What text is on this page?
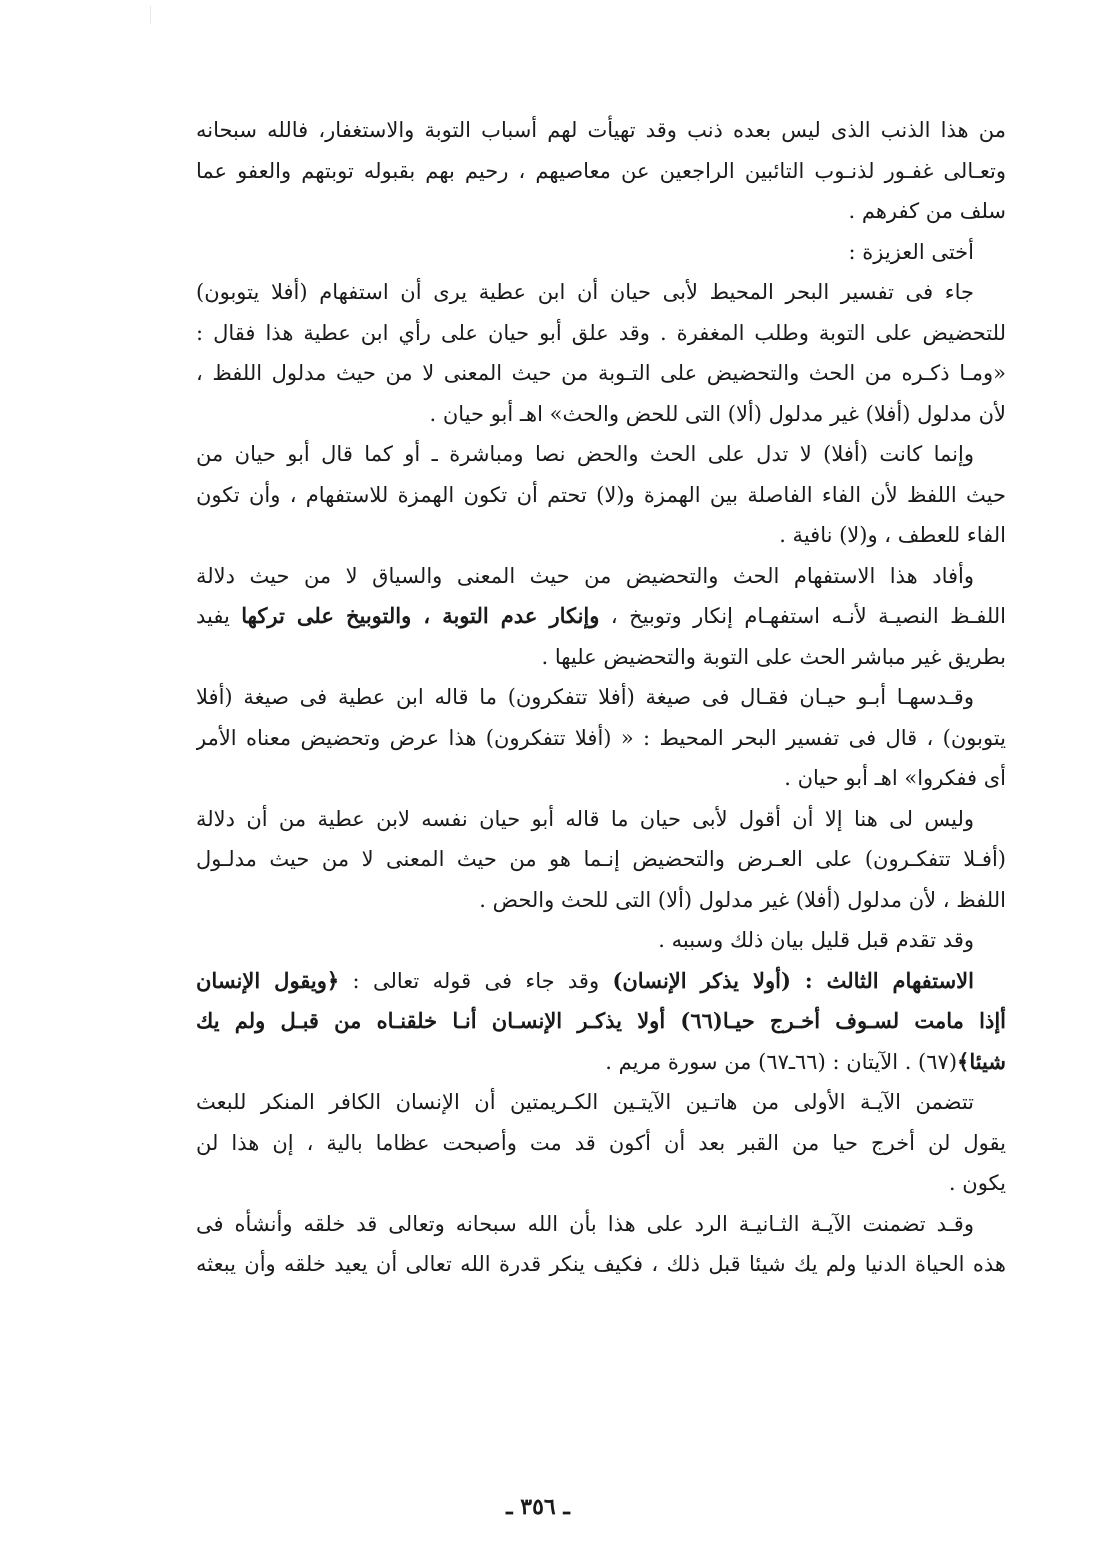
من هذا الذنب الذى ليس بعده ذنب وقد تهيأت لهم أسباب التوبة والاستغفار، فالله سبحانه
وتعـالى غفـور لذنـوب التائبين الراجعين عن معاصيهم ، رحيم بهم بقبوله توبتهم والعفو عما
سلف من كفرهم .
أختى العزيزة :
جاء فى تفسير البحر المحيط لأبى حيان أن ابن عطية يرى أن استفهام (أفلا يتوبون)
للتحضيض على التوبة وطلب المغفرة . وقد علق أبو حيان على رأي ابن عطية هذا فقال :
«ومـا ذكـره من الحث والتحضيض على التـوبة من حيث المعنى لا من حيث مدلول اللفظ ،
لأن مدلول (أفلا) غير مدلول (ألا) التى للحض والحث» اهـ أبو حيان .
وإنما كانت (أفلا) لا تدل على الحث والحض نصا ومباشرة ـ أو كما قال أبو حيان من
حيث اللفظ لأن الفاء الفاصلة بين الهمزة و(لا) تحتم أن تكون الهمزة للاستفهام ، وأن تكون
الفاء للعطف ، و(لا) نافية .
وأفاد هذا الاستفهام الحث والتحضيض من حيث المعنى والسياق لا من حيث دلالة
اللفـظ النصيـة لأنـه استفهـام إنكار وتوبيخ ، وإنكار عدم التوبة ، والتوبيخ على تركها يفيد
بطريق غير مباشر الحث على التوبة والتحضيض عليها .
وقـدسهـا أبـو حيـان فقـال فى صيغة (أفلا تتفكرون) ما قاله ابن عطية فى صيغة (أفلا
يتوبون) ، قال فى تفسير البحر المحيط : « (أفلا تتفكرون) هذا عرض وتحضيض معناه الأمر
أى ففكروا» اهـ أبو حيان .
وليس لى هنا إلا أن أقول لأبى حيان ما قاله أبو حيان نفسه لابن عطية من أن دلالة
(أفـلا تتفكـرون) على العـرض والتحضيض إنـما هو من حيث المعنى لا من حيث مدلـول
اللفظ ، لأن مدلول (أفلا) غير مدلول (ألا) التى للحث والحض .
وقد تقدم قبل قليل بيان ذلك وسببه .
الاستفهام الثالث : (أولا يذكر الإنسان) وقد جاء فى قوله تعالى : ﴿ويقول الإنسان
أإذا مامت لسـوف أخـرج حيـا(٦٦) أولا يذكـر الإنسـان أنـا خلقنـاه من قبـل ولم يك
شيئا﴾(٦٧) . الآيتان : (٦٦ـ٦٧) من سورة مريم .
تتضمن الآيـة الأولى من هاتـين الآيتـين الكـريمتين أن الإنسان الكافر المنكر للبعث
يقول لن أخرج حيا من القبر بعد أن أكون قد مت وأصبحت عظاما بالية ، إن هذا لن
يكون .
وقـد تضمنت الآيـة الثـانيـة الرد على هذا بأن الله سبحانه وتعالى قد خلقه وأنشأه فى
هذه الحياة الدنيا ولم يك شيئا قبل ذلك ، فكيف ينكر قدرة الله تعالى أن يعيد خلقه وأن يبعثه
ـ ٣٥٦ ـ
